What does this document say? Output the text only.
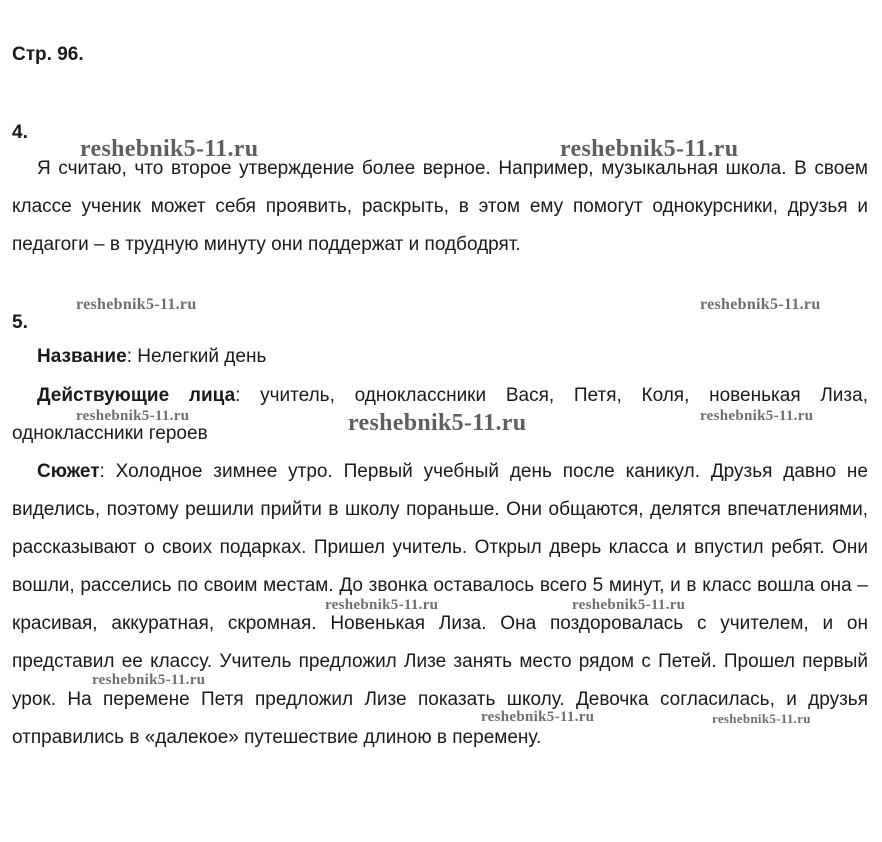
Стр. 96.
4.
Я считаю, что второе утверждение более верное. Например, музыкальная школа. В своем классе ученик может себя проявить, раскрыть, в этом ему помогут однокурсники, друзья и педагоги – в трудную минуту они поддержат и подбодрят.
5.
Название: Нелегкий день
Действующие лица: учитель, одноклассники Вася, Петя, Коля, новенькая Лиза, одноклассники героев
Сюжет: Холодное зимнее утро. Первый учебный день после каникул. Друзья давно не виделись, поэтому решили прийти в школу пораньше. Они общаются, делятся впечатлениями, рассказывают о своих подарках. Пришел учитель. Открыл дверь класса и впустил ребят. Они вошли, расселись по своим местам. До звонка оставалось всего 5 минут, и в класс вошла она – красивая, аккуратная, скромная. Новенькая Лиза. Она поздоровалась с учителем, и он представил ее классу. Учитель предложил Лизе занять место рядом с Петей. Прошел первый урок. На перемене Петя предложил Лизе показать школу. Девочка согласилась, и друзья отправились в «далекое» путешествие длиною в перемену.
reshebnik5-11.ru	reshebnik5-11.ru
reshebnik5-11.ru	reshebnik5-11.ru
reshebnik5-11.ru	reshebnik5-11.ru	reshebnik5-11.ru
reshebnik5-11.ru	reshebnik5-11.ru
reshebnik5-11.ru
reshebnik5-11.ru	reshebnik5-11.ru
